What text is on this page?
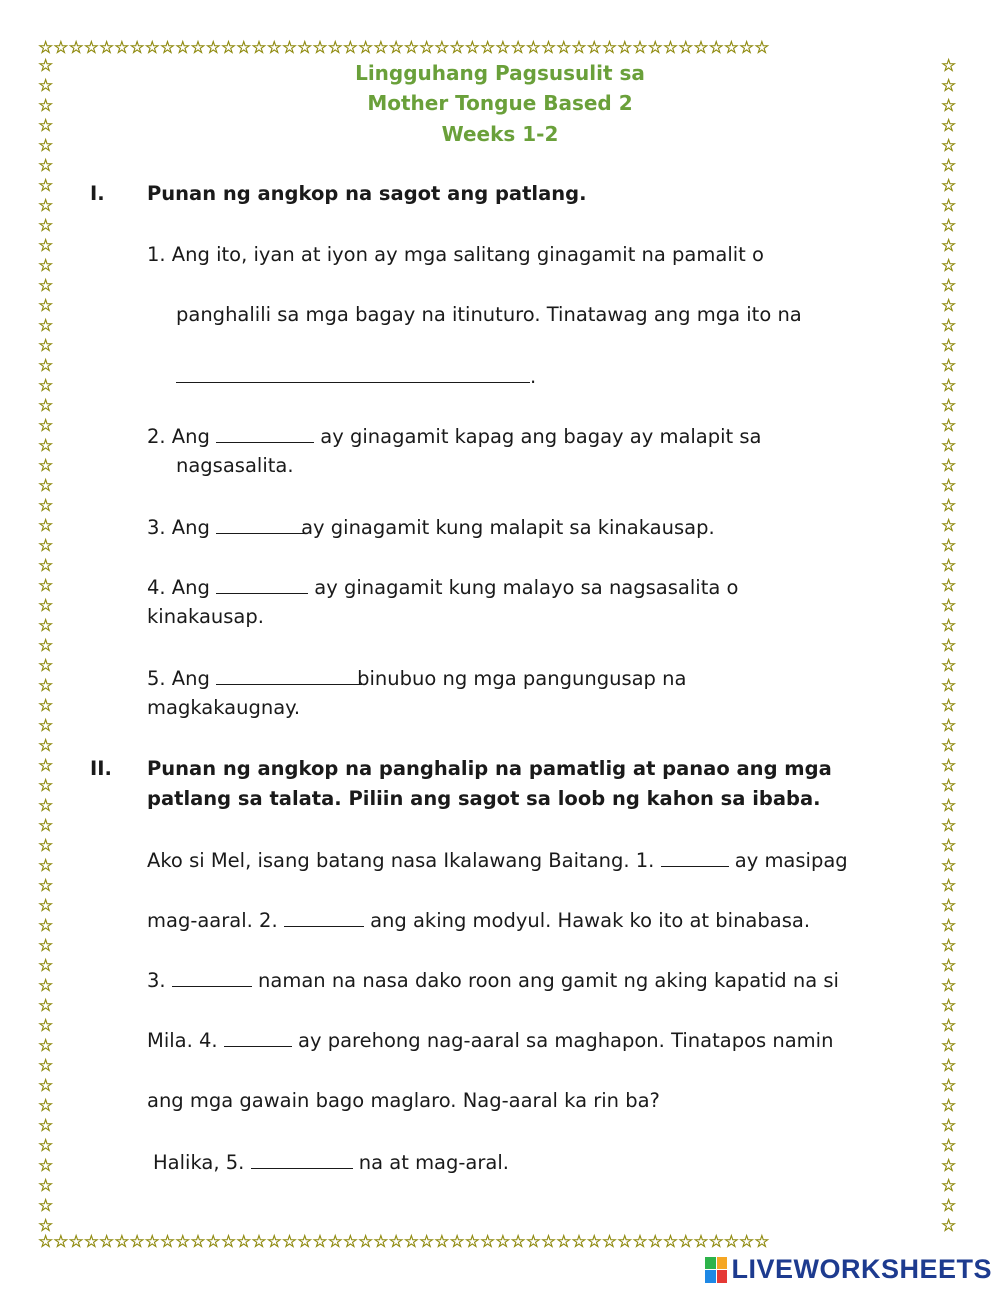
☆☆☆☆☆☆☆☆☆☆☆☆☆☆☆☆☆☆☆☆☆☆☆☆☆☆☆☆☆☆☆☆☆☆☆☆☆☆☆☆☆☆☆☆☆☆☆☆
☆☆☆☆☆☆☆☆☆☆☆☆☆☆☆☆☆☆☆☆☆☆☆☆☆☆☆☆☆☆☆☆☆☆☆☆☆☆☆☆☆☆☆☆☆☆☆☆
☆☆☆☆☆☆☆☆☆☆☆☆☆☆☆☆☆☆☆☆☆☆☆☆☆☆☆☆☆☆☆☆☆☆☆☆☆☆☆☆☆☆☆☆☆☆☆☆☆☆☆☆☆☆☆☆☆☆☆
☆☆☆☆☆☆☆☆☆☆☆☆☆☆☆☆☆☆☆☆☆☆☆☆☆☆☆☆☆☆☆☆☆☆☆☆☆☆☆☆☆☆☆☆☆☆☆☆☆☆☆☆☆☆☆☆☆☆☆
Lingguhang Pagsusulit sa
Mother Tongue Based 2
Weeks 1-2
I. Punan ng angkop na sagot ang patlang.
1. Ang ito, iyan at iyon ay mga salitang ginagamit na pamalit o
panghalili sa mga bagay na itinuturo. Tinatawag ang mga ito na
.
2. Ang	ay ginagamit kapag ang bagay ay malapit sa
nagsasalita.
3. Ang	ay ginagamit kung malapit sa kinakausap.
4. Ang	ay ginagamit kung malayo sa nagsasalita o
kinakausap.
5. Ang	binubuo ng mga pangungusap na
magkakaugnay.
II. Punan ng angkop na panghalip na pamatlig at panao ang mga
patlang sa talata. Piliin ang sagot sa loob ng kahon sa ibaba.
Ako si Mel, isang batang nasa Ikalawang Baitang. 1.	ay masipag
mag-aaral. 2.	ang aking modyul. Hawak ko ito at binabasa.
3.	naman na nasa dako roon ang gamit ng aking kapatid na si
Mila. 4.	ay parehong nag-aaral sa maghapon. Tinatapos namin
ang mga gawain bago maglaro. Nag-aaral ka rin ba?
Halika, 5.	na at mag-aral.
LIVEWORKSHEETS
